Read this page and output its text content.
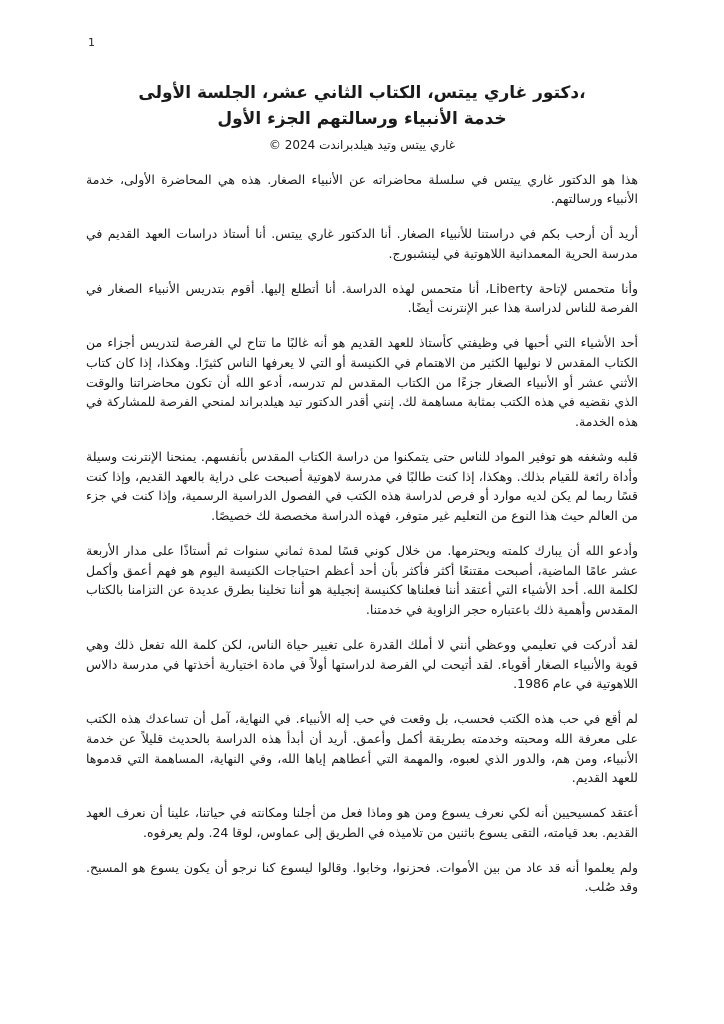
1
،دكتور غاري ييتس، الكتاب الثاني عشر، الجلسة الأولى
خدمة الأنبياء ورسالتهم الجزء الأول
غاري ييتس وتيد هيلدبراندت 2024 ©

هذا هو الدكتور غاري ييتس في سلسلة محاضراته عن الأنبياء الصغار. هذه هي المحاضرة الأولى، خدمة الأنبياء ورسالتهم.

أريد أن أرحب بكم في دراستنا للأنبياء الصغار. أنا الدكتور غاري ييتس. أنا أستاذ دراسات العهد القديم في مدرسة الحرية المعمدانية اللاهوتية في لينشبورج.

وأنا متحمس لإتاحة Liberty، أنا متحمس لهذه الدراسة. أنا أتطلع إليها. أقوم بتدريس الأنبياء الصغار في الفرصة للناس لدراسة هذا عبر الإنترنت أيضًا.

أحد الأشياء التي أحبها في وظيفتي كأستاذ للعهد القديم هو أنه غالبًا ما تتاح لي الفرصة لتدريس أجزاء من الكتاب المقدس لا نوليها الكثير من الاهتمام في الكنيسة أو التي لا يعرفها الناس كثيرًا. وهكذا، إذا كان كتاب الأثني عشر أو الأنبياء الصغار جزءًا من الكتاب المقدس لم تدرسه، أدعو الله أن تكون محاضراتنا والوقت الذي نقضيه في هذه الكتب بمثابة مساهمة لك. إنني أقدر الدكتور تيد هيلدبراند لمنحي الفرصة للمشاركة في هذه الخدمة.

قلبه وشغفه هو توفير المواد للناس حتى يتمكنوا من دراسة الكتاب المقدس بأنفسهم. يمنحنا الإنترنت وسيلة وأداة رائعة للقيام بذلك. وهكذا، إذا كنت طالبًا في مدرسة لاهوتية أصبحت على دراية بالعهد القديم، وإذا كنت قسًا ربما لم يكن لديه موارد أو فرص لدراسة هذه الكتب في الفصول الدراسية الرسمية، وإذا كنت في جزء من العالم حيث هذا النوع من التعليم غير متوفر، فهذه الدراسة مخصصة لك خصيصًا.

وأدعو الله أن يبارك كلمته ويحترمها. من خلال كوني قسًا لمدة ثماني سنوات ثم أستاذًا على مدار الأربعة عشر عامًا الماضية، أصبحت مقتنعًا أكثر فأكثر بأن أحد أعظم احتياجات الكنيسة اليوم هو فهم أعمق وأكمل لكلمة الله. أحد الأشياء التي أعتقد أننا فعلناها ككنيسة إنجيلية هو أننا تخلينا بطرق عديدة عن التزامنا بالكتاب المقدس وأهمية ذلك باعتباره حجر الزاوية في خدمتنا.

لقد أدركت في تعليمي ووعظي أنني لا أملك القدرة على تغيير حياة الناس، لكن كلمة الله تفعل ذلك وهي قوية والأنبياء الصغار أقوياء. لقد أتيحت لي الفرصة لدراستها أولاً في مادة اختيارية أخذتها في مدرسة دالاس اللاهوتية في عام 1986.

لم أقع في حب هذه الكتب فحسب، بل وقعت في حب إله الأنبياء. في النهاية، آمل أن تساعدك هذه الكتب على معرفة الله ومحبته وخدمته بطريقة أكمل وأعمق. أريد أن أبدأ هذه الدراسة بالحديث قليلاً عن خدمة الأنبياء، ومن هم، والدور الذي لعبوه، والمهمة التي أعطاهم إياها الله، وفي النهاية، المساهمة التي قدموها للعهد القديم.

أعتقد كمسيحيين أنه لكي نعرف يسوع ومن هو وماذا فعل من أجلنا ومكانته في حياتنا، علينا أن نعرف العهد القديم. بعد قيامته، التقى يسوع باثنين من تلاميذه في الطريق إلى عماوس، لوقا 24. ولم يعرفوه.

ولم يعلموا أنه قد عاد من بين الأموات. فحزنوا، وخابوا. وقالوا ليسوع كنا نرجو أن يكون يسوع هو المسيح. وقد صُلب.
